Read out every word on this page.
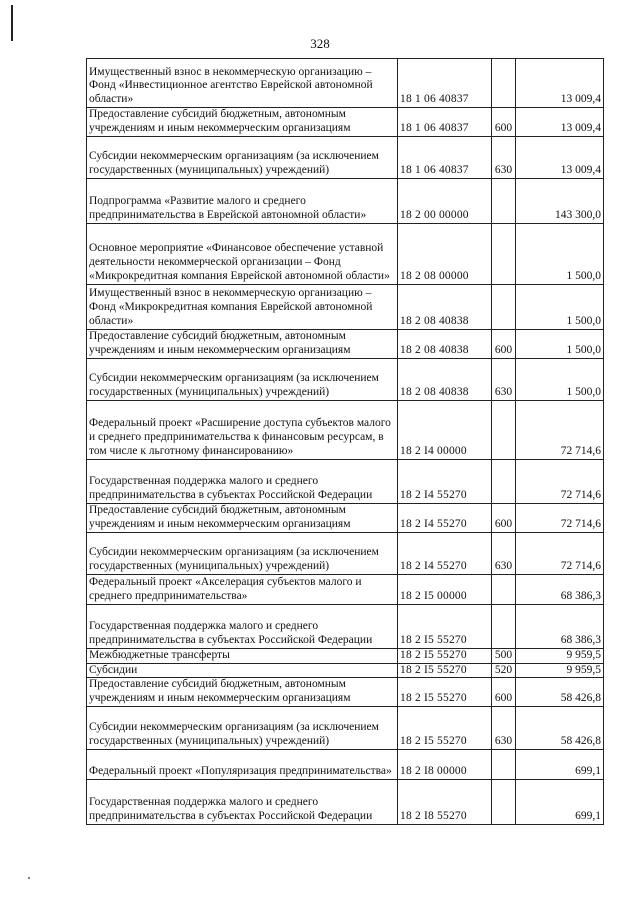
328
Имущественный взнос в некоммерческую организацию – Фонд «Инвестиционное агентство Еврейской автономной области»	18 1 06 40837		13 009,4
Предоставление субсидий бюджетным, автономным учреждениям и иным некоммерческим организациям	18 1 06 40837	600	13 009,4
Субсидии некоммерческим организациям (за исключением государственных (муниципальных) учреждений)	18 1 06 40837	630	13 009,4
Подпрограмма «Развитие малого и среднего предпринимательства в Еврейской автономной области»	18 2 00 00000		143 300,0
Основное мероприятие «Финансовое обеспечение уставной деятельности некоммерческой организации – Фонд «Микрокредитная компания Еврейской автономной области»	18 2 08 00000		1 500,0
Имущественный взнос в некоммерческую организацию – Фонд «Микрокредитная компания Еврейской автономной области»	18 2 08 40838		1 500,0
Предоставление субсидий бюджетным, автономным учреждениям и иным некоммерческим организациям	18 2 08 40838	600	1 500,0
Субсидии некоммерческим организациям (за исключением государственных (муниципальных) учреждений)	18 2 08 40838	630	1 500,0
Федеральный проект «Расширение доступа субъектов малого и среднего предпринимательства к финансовым ресурсам, в том числе к льготному финансированию»	18 2 I4 00000		72 714,6
Государственная поддержка малого и среднего предпринимательства в субъектах Российской Федерации	18 2 I4 55270		72 714,6
Предоставление субсидий бюджетным, автономным учреждениям и иным некоммерческим организациям	18 2 I4 55270	600	72 714,6
Субсидии некоммерческим организациям (за исключением государственных (муниципальных) учреждений)	18 2 I4 55270	630	72 714,6
Федеральный проект «Акселерация субъектов малого и среднего предпринимательства»	18 2 I5 00000		68 386,3
Государственная поддержка малого и среднего предпринимательства в субъектах Российской Федерации	18 2 I5 55270		68 386,3
Межбюджетные трансферты	18 2 I5 55270	500	9 959,5
Субсидии	18 2 I5 55270	520	9 959,5
Предоставление субсидий бюджетным, автономным учреждениям и иным некоммерческим организациям	18 2 I5 55270	600	58 426,8
Субсидии некоммерческим организациям (за исключением государственных (муниципальных) учреждений)	18 2 I5 55270	630	58 426,8
Федеральный проект «Популяризация предпринимательства»	18 2 I8 00000		699,1
Государственная поддержка малого и среднего предпринимательства в субъектах Российской Федерации	18 2 I8 55270		699,1
